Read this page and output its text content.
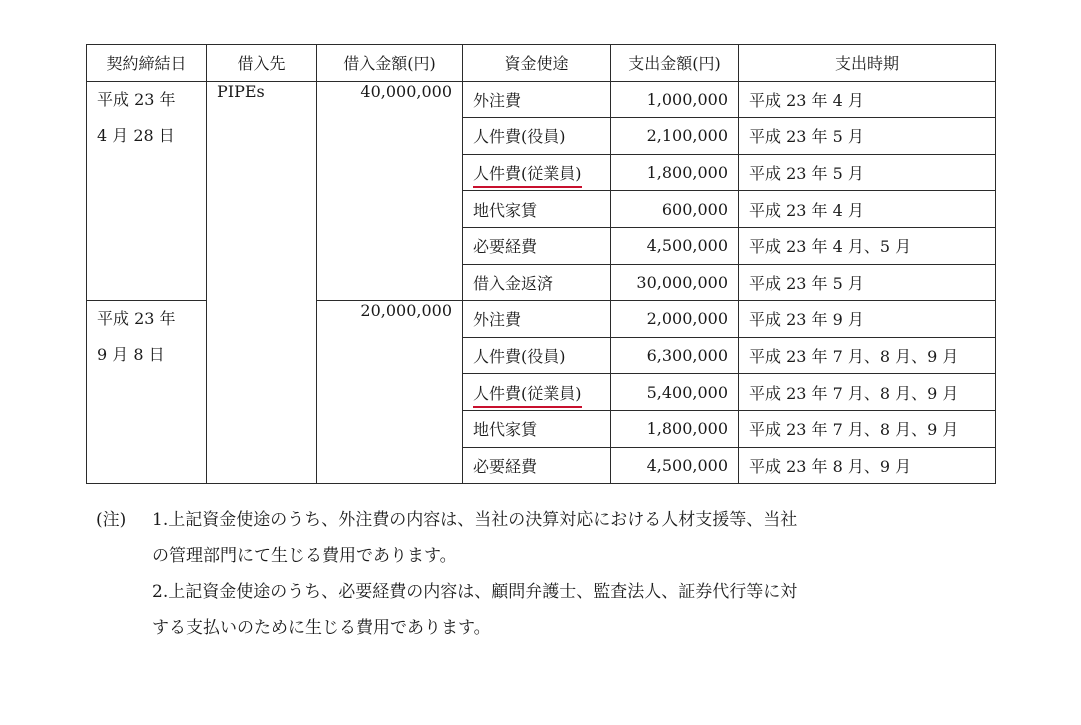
契約締結日	借入先	借入金額(円)	資金使途	支出金額(円)	支出時期

平成 23 年
4 月 28 日	PIPEs	40,000,000	外注費	1,000,000	平成 23 年 4 月
			人件費(役員)	2,100,000	平成 23 年 5 月
			人件費(従業員)	1,800,000	平成 23 年 5 月
			地代家賃	600,000	平成 23 年 4 月
			必要経費	4,500,000	平成 23 年 4 月、5 月
			借入金返済	30,000,000	平成 23 年 5 月

平成 23 年
9 月 8 日		20,000,000	外注費	2,000,000	平成 23 年 9 月
			人件費(役員)	6,300,000	平成 23 年 7 月、8 月、9 月
			人件費(従業員)	5,400,000	平成 23 年 7 月、8 月、9 月
			地代家賃	1,800,000	平成 23 年 7 月、8 月、9 月
			必要経費	4,500,000	平成 23 年 8 月、9 月
(注)	1.上記資金使途のうち、外注費の内容は、当社の決算対応における人材支援等、当社
の管理部門にて生じる費用であります。
2.上記資金使途のうち、必要経費の内容は、顧問弁護士、監査法人、証券代行等に対
する支払いのために生じる費用であります。
